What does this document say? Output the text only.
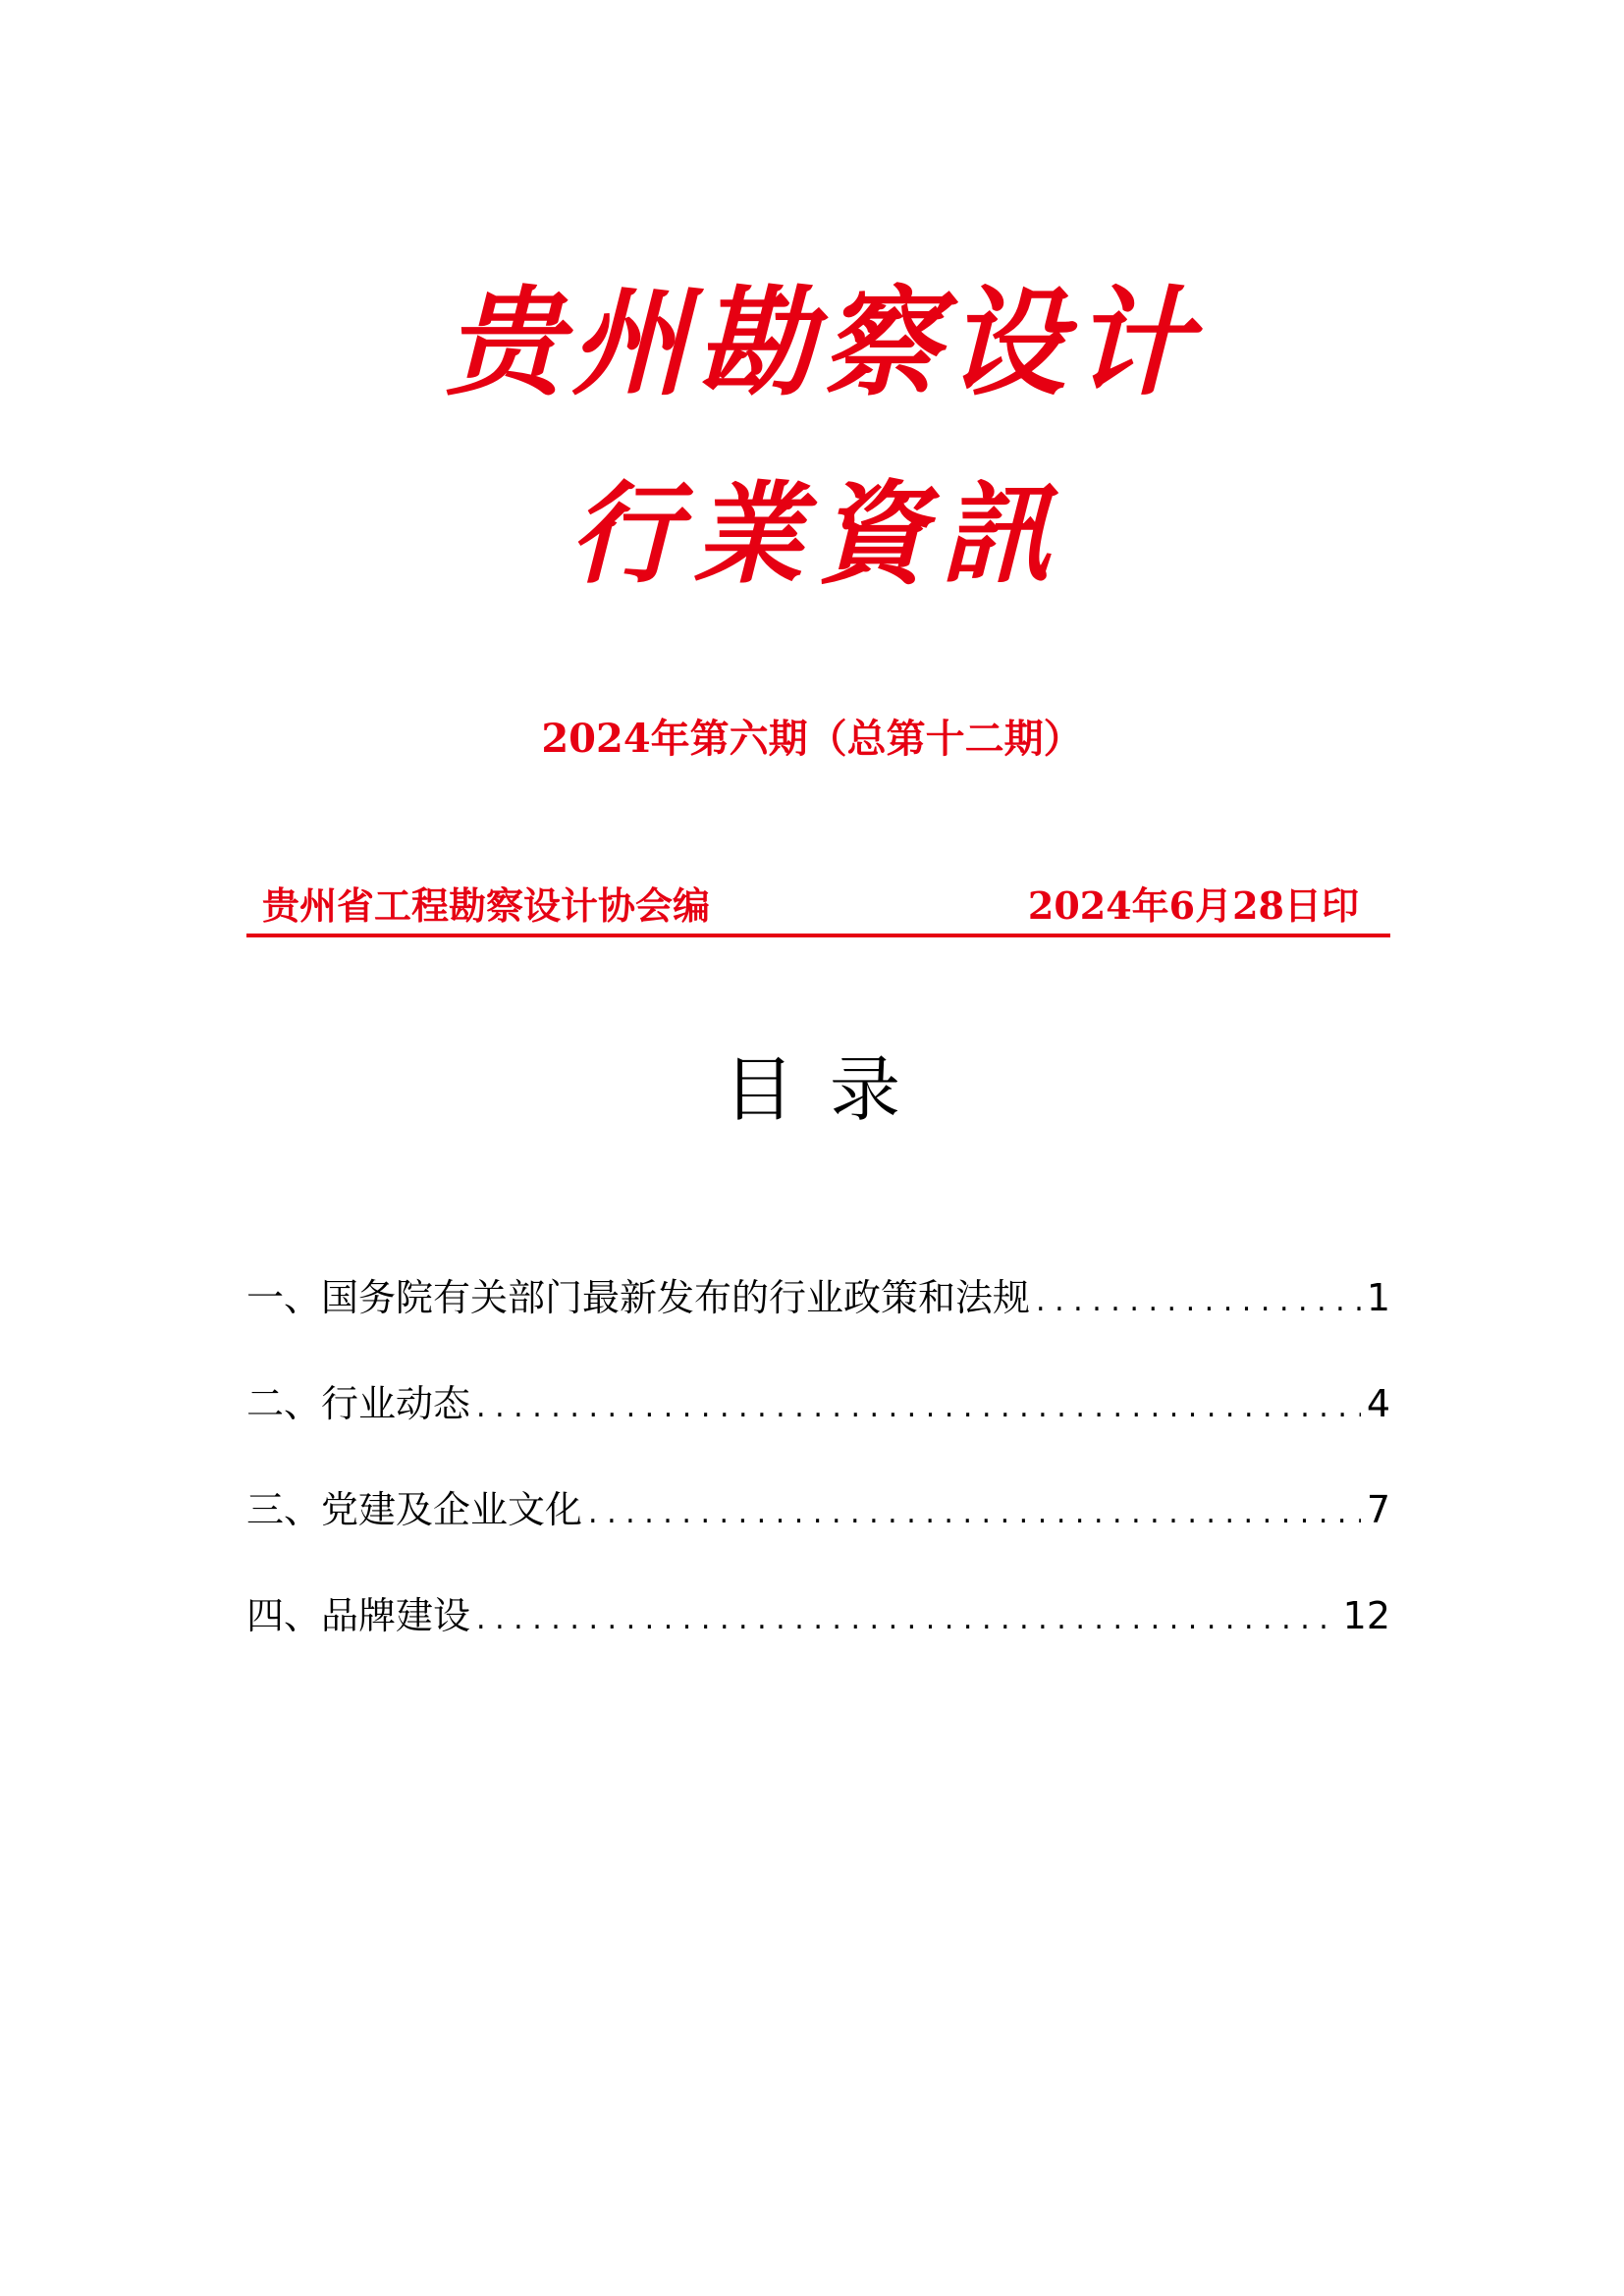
贵州勘察设计
行業資訊
2024年第六期（总第十二期）
贵州省工程勘察设计协会编	2024年6月28日印
目录
一、国务院有关部门最新发布的行业政策和法规 . . .	1
二、行业动态 . . .	4
三、党建及企业文化 . . .	7
四、品牌建设 . . .	12
